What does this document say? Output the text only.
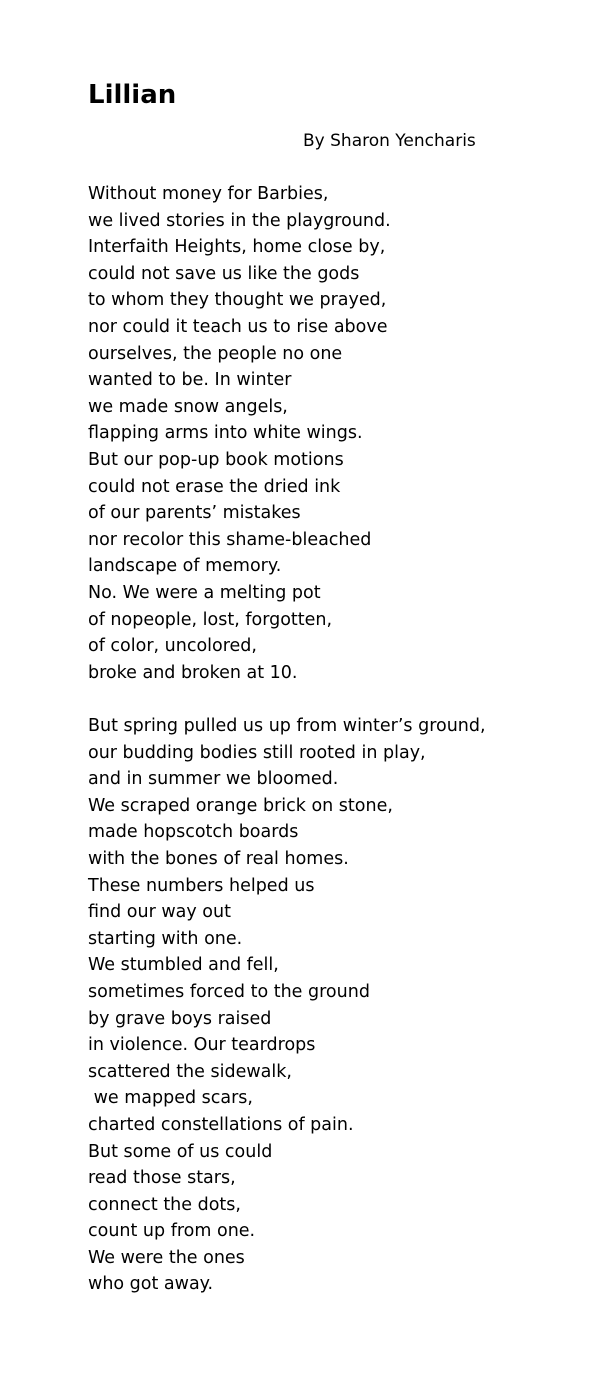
Lillian

By Sharon Yencharis

Without money for Barbies,
we lived stories in the playground.
Interfaith Heights, home close by,
could not save us like the gods
to whom they thought we prayed,
nor could it teach us to rise above
ourselves, the people no one
wanted to be. In winter
we made snow angels,
flapping arms into white wings.
But our pop-up book motions
could not erase the dried ink
of our parents’ mistakes
nor recolor this shame-bleached
landscape of memory.
No. We were a melting pot
of nopeople, lost, forgotten,
of color, uncolored,
broke and broken at 10.
But spring pulled us up from winter’s ground,
our budding bodies still rooted in play,
and in summer we bloomed.
We scraped orange brick on stone,
made hopscotch boards
with the bones of real homes.
These numbers helped us
find our way out
starting with one.
We stumbled and fell,
sometimes forced to the ground
by grave boys raised
in violence. Our teardrops
scattered the sidewalk,
we mapped scars,
charted constellations of pain.
But some of us could
read those stars,
connect the dots,
count up from one.
We were the ones
who got away.
